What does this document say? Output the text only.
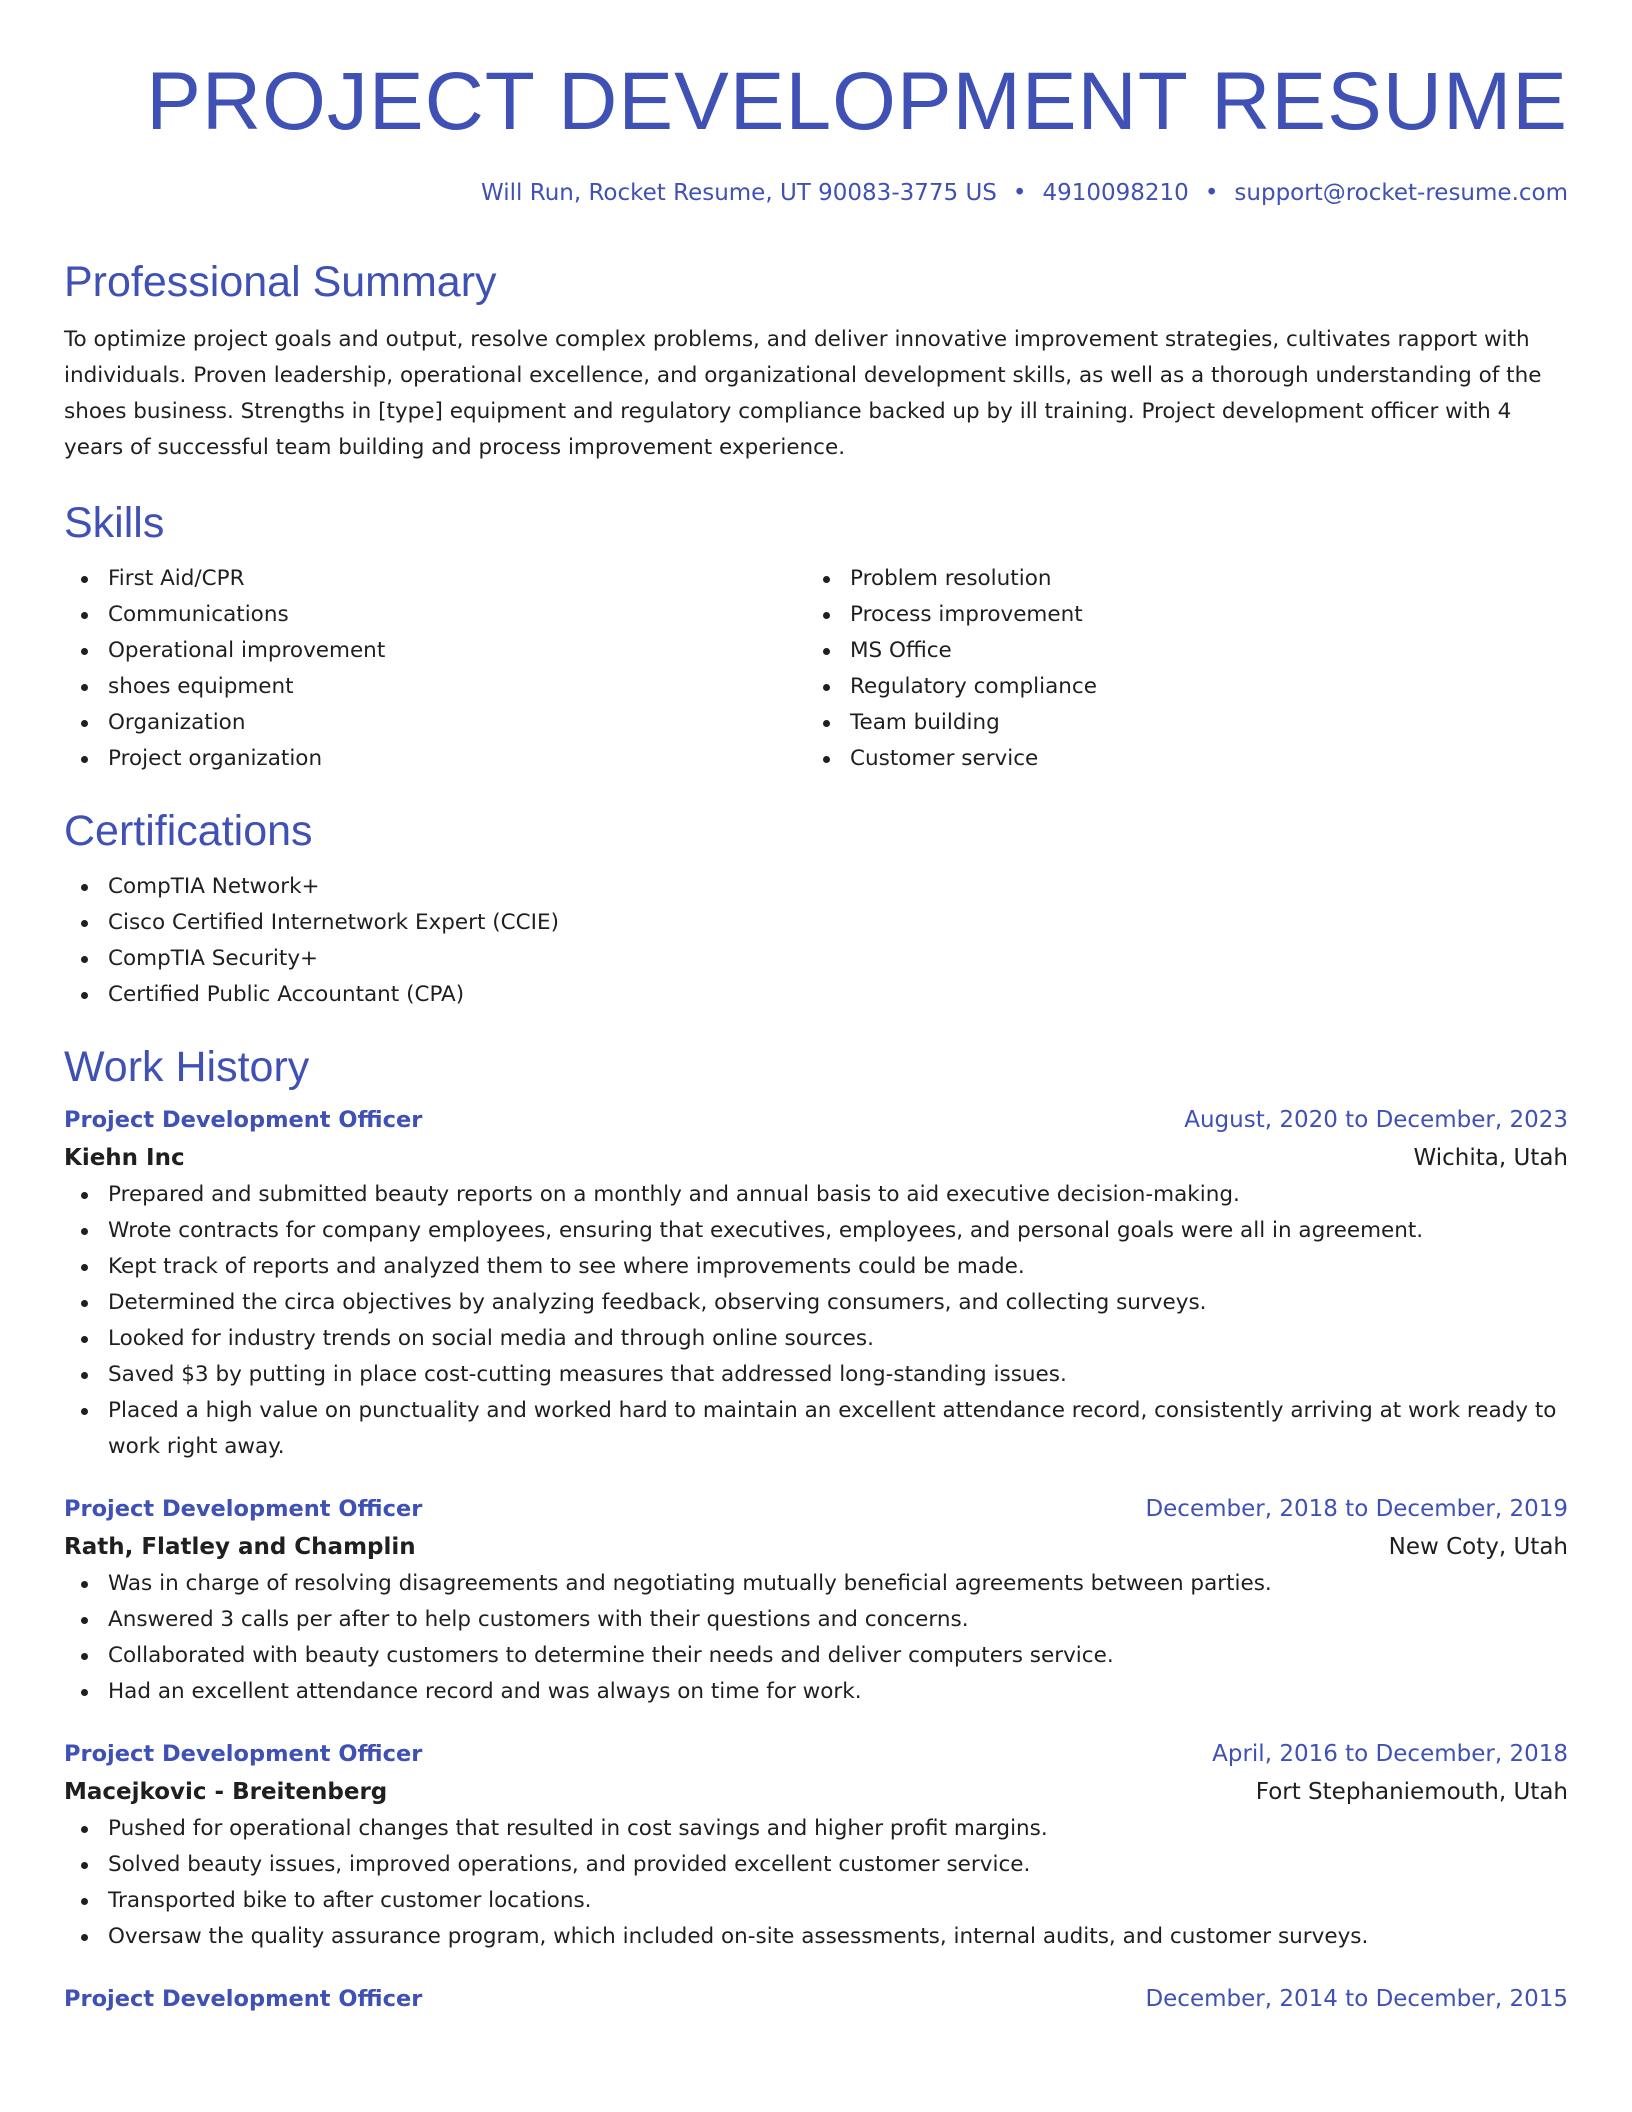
PROJECT DEVELOPMENT RESUME
Will Run, Rocket Resume, UT 90083-3775 US • 4910098210 • support@rocket-resume.com
Professional Summary

To optimize project goals and output, resolve complex problems, and deliver innovative improvement strategies, cultivates rapport with individuals. Proven leadership, operational excellence, and organizational development skills, as well as a thorough understanding of the shoes business. Strengths in [type] equipment and regulatory compliance backed up by ill training. Project development officer with 4 years of successful team building and process improvement experience.

Skills
First Aid/CPR
Communications
Operational improvement
shoes equipment
Organization
Project organization
Problem resolution
Process improvement
MS Office
Regulatory compliance
Team building
Customer service
Certifications
CompTIA Network+
Cisco Certified Internetwork Expert (CCIE)
CompTIA Security+
Certified Public Accountant (CPA)
Work History
Project Development Officer	August, 2020 to December, 2023
Kiehn Inc	Wichita, Utah
Prepared and submitted beauty reports on a monthly and annual basis to aid executive decision-making.
Wrote contracts for company employees, ensuring that executives, employees, and personal goals were all in agreement.
Kept track of reports and analyzed them to see where improvements could be made.
Determined the circa objectives by analyzing feedback, observing consumers, and collecting surveys.
Looked for industry trends on social media and through online sources.
Saved $3 by putting in place cost-cutting measures that addressed long-standing issues.
Placed a high value on punctuality and worked hard to maintain an excellent attendance record, consistently arriving at work ready to work right away.
Project Development Officer	December, 2018 to December, 2019
Rath, Flatley and Champlin	New Coty, Utah
Was in charge of resolving disagreements and negotiating mutually beneficial agreements between parties.
Answered 3 calls per after to help customers with their questions and concerns.
Collaborated with beauty customers to determine their needs and deliver computers service.
Had an excellent attendance record and was always on time for work.
Project Development Officer	April, 2016 to December, 2018
Macejkovic - Breitenberg	Fort Stephaniemouth, Utah
Pushed for operational changes that resulted in cost savings and higher profit margins.
Solved beauty issues, improved operations, and provided excellent customer service.
Transported bike to after customer locations.
Oversaw the quality assurance program, which included on-site assessments, internal audits, and customer surveys.
Project Development Officer	December, 2014 to December, 2015
